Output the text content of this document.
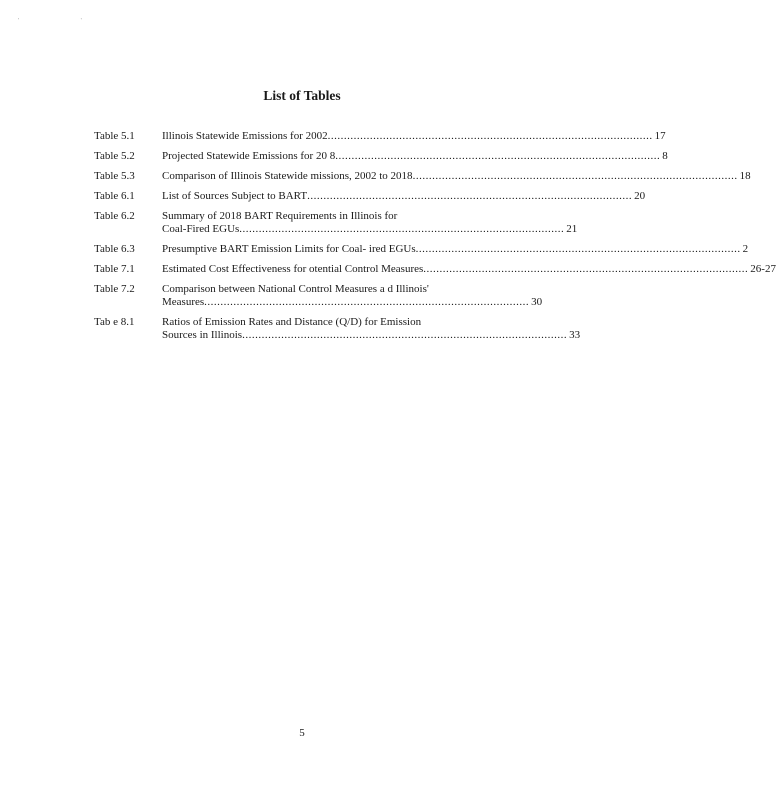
' '
List of Tables
Table 5.1	Illinois Statewide Emissions for 2002 .................................................................................................... 17
Table 5.2	Projected Statewide Emissions for 20 8 .................................................................................................... 8
Table 5.3	Comparison of Illinois Statewide missions, 2002 to 2018 .................................................................................................... 18
Table 6.1	List of Sources Subject to BART .................................................................................................... 20
Table 6.2	Summary of 2018 BART Requirements in Illinois for
Coal-Fired EGUs .................................................................................................... 21
Table 6.3	Presumptive BART Emission Limits for Coal- ired EGUs .................................................................................................... 2
Table 7.1	Estimated Cost Effectiveness for otential Control Measures .................................................................................................... 26-27
Table 7.2	Comparison between National Control Measures a d Illinois'
Measures .................................................................................................... 30
Tab e 8.1	Ratios of Emission Rates and Distance (Q/D) for Emission
Sources in Illinois .................................................................................................... 33
5
